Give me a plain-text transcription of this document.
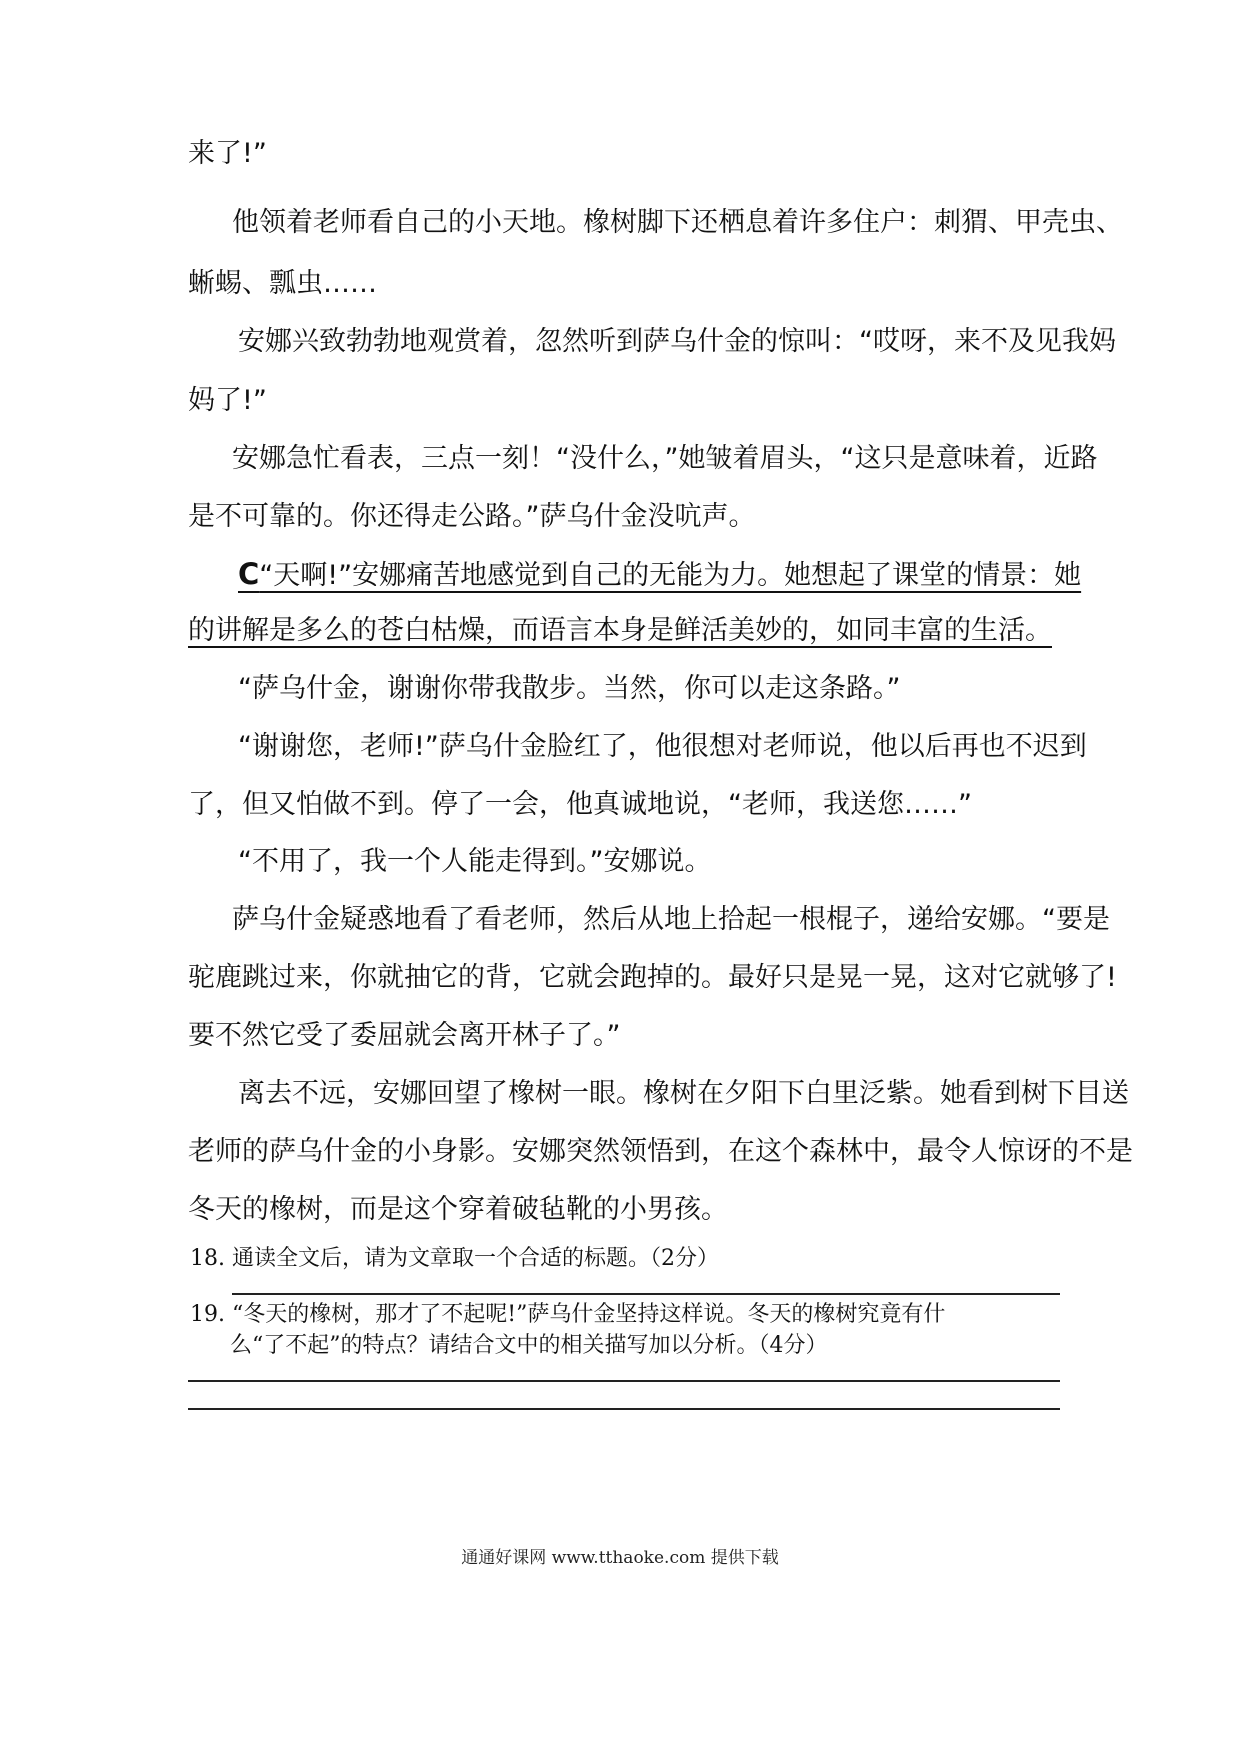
来了!”
他领着老师看自己的小天地。橡树脚下还栖息着许多住户：刺猬、甲壳虫、
蜥蜴、瓢虫……
安娜兴致勃勃地观赏着，忽然听到萨乌什金的惊叫：“哎呀，来不及见我妈
妈了!”
安娜急忙看表，三点一刻！“没什么，”她皱着眉头，“这只是意味着，近路
是不可靠的。你还得走公路。”萨乌什金没吭声。
C“天啊!”安娜痛苦地感觉到自己的无能为力。她想起了课堂的情景：她
的讲解是多么的苍白枯燥，而语言本身是鲜活美妙的，如同丰富的生活。
“萨乌什金，谢谢你带我散步。当然，你可以走这条路。”
“谢谢您，老师!”萨乌什金脸红了，他很想对老师说，他以后再也不迟到
了，但又怕做不到。停了一会，他真诚地说，“老师，我送您……”
“不用了，我一个人能走得到。”安娜说。
萨乌什金疑惑地看了看老师，然后从地上拾起一根棍子，递给安娜。“要是
驼鹿跳过来，你就抽它的背，它就会跑掉的。最好只是晃一晃，这对它就够了!
要不然它受了委屈就会离开林子了。”
离去不远，安娜回望了橡树一眼。橡树在夕阳下白里泛紫。她看到树下目送
老师的萨乌什金的小身影。安娜突然领悟到，在这个森林中，最令人惊讶的不是
冬天的橡树，而是这个穿着破毡靴的小男孩。
18. 通读全文后，请为文章取一个合适的标题。（2分）
19. “冬天的橡树，那才了不起呢!”萨乌什金坚持这样说。冬天的橡树究竟有什
么“了不起”的特点？请结合文中的相关描写加以分析。（4分）
通通好课网 www.tthaoke.com 提供下载
